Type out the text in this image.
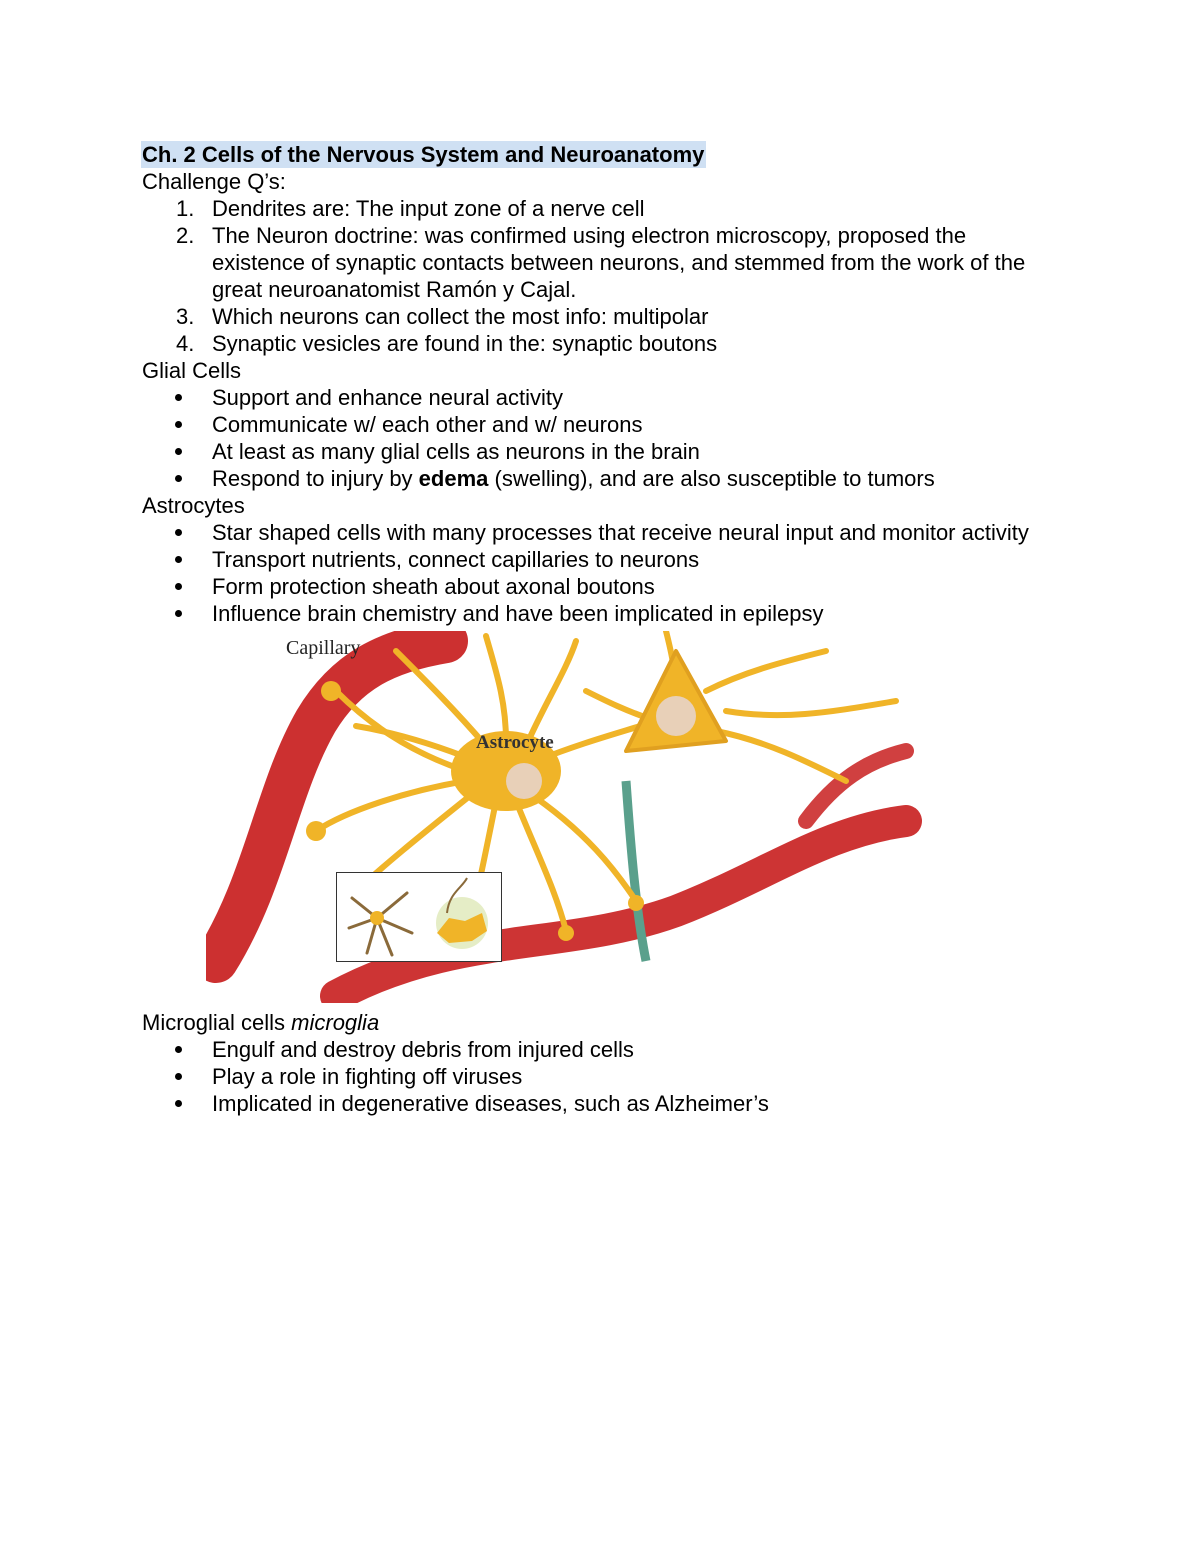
Ch. 2 Cells of the Nervous System and Neuroanatomy
Challenge Q’s:
1. Dendrites are: The input zone of a nerve cell
2. The Neuron doctrine: was confirmed using electron microscopy, proposed the existence of synaptic contacts between neurons, and stemmed from the work of the great neuroanatomist Ramón y Cajal.
3. Which neurons can collect the most info: multipolar
4. Synaptic vesicles are found in the: synaptic boutons
Glial Cells
Support and enhance neural activity
Communicate w/ each other and w/ neurons
At least as many glial cells as neurons in the brain
Respond to injury by edema (swelling), and are also susceptible to tumors
Astrocytes
Star shaped cells with many processes that receive neural input and monitor activity
Transport nutrients, connect capillaries to neurons
Form protection sheath about axonal boutons
Influence brain chemistry and have been implicated in epilepsy
Capillary
Astrocyte
Microglial cells microglia
Engulf and destroy debris from injured cells
Play a role in fighting off viruses
Implicated in degenerative diseases, such as Alzheimer’s
